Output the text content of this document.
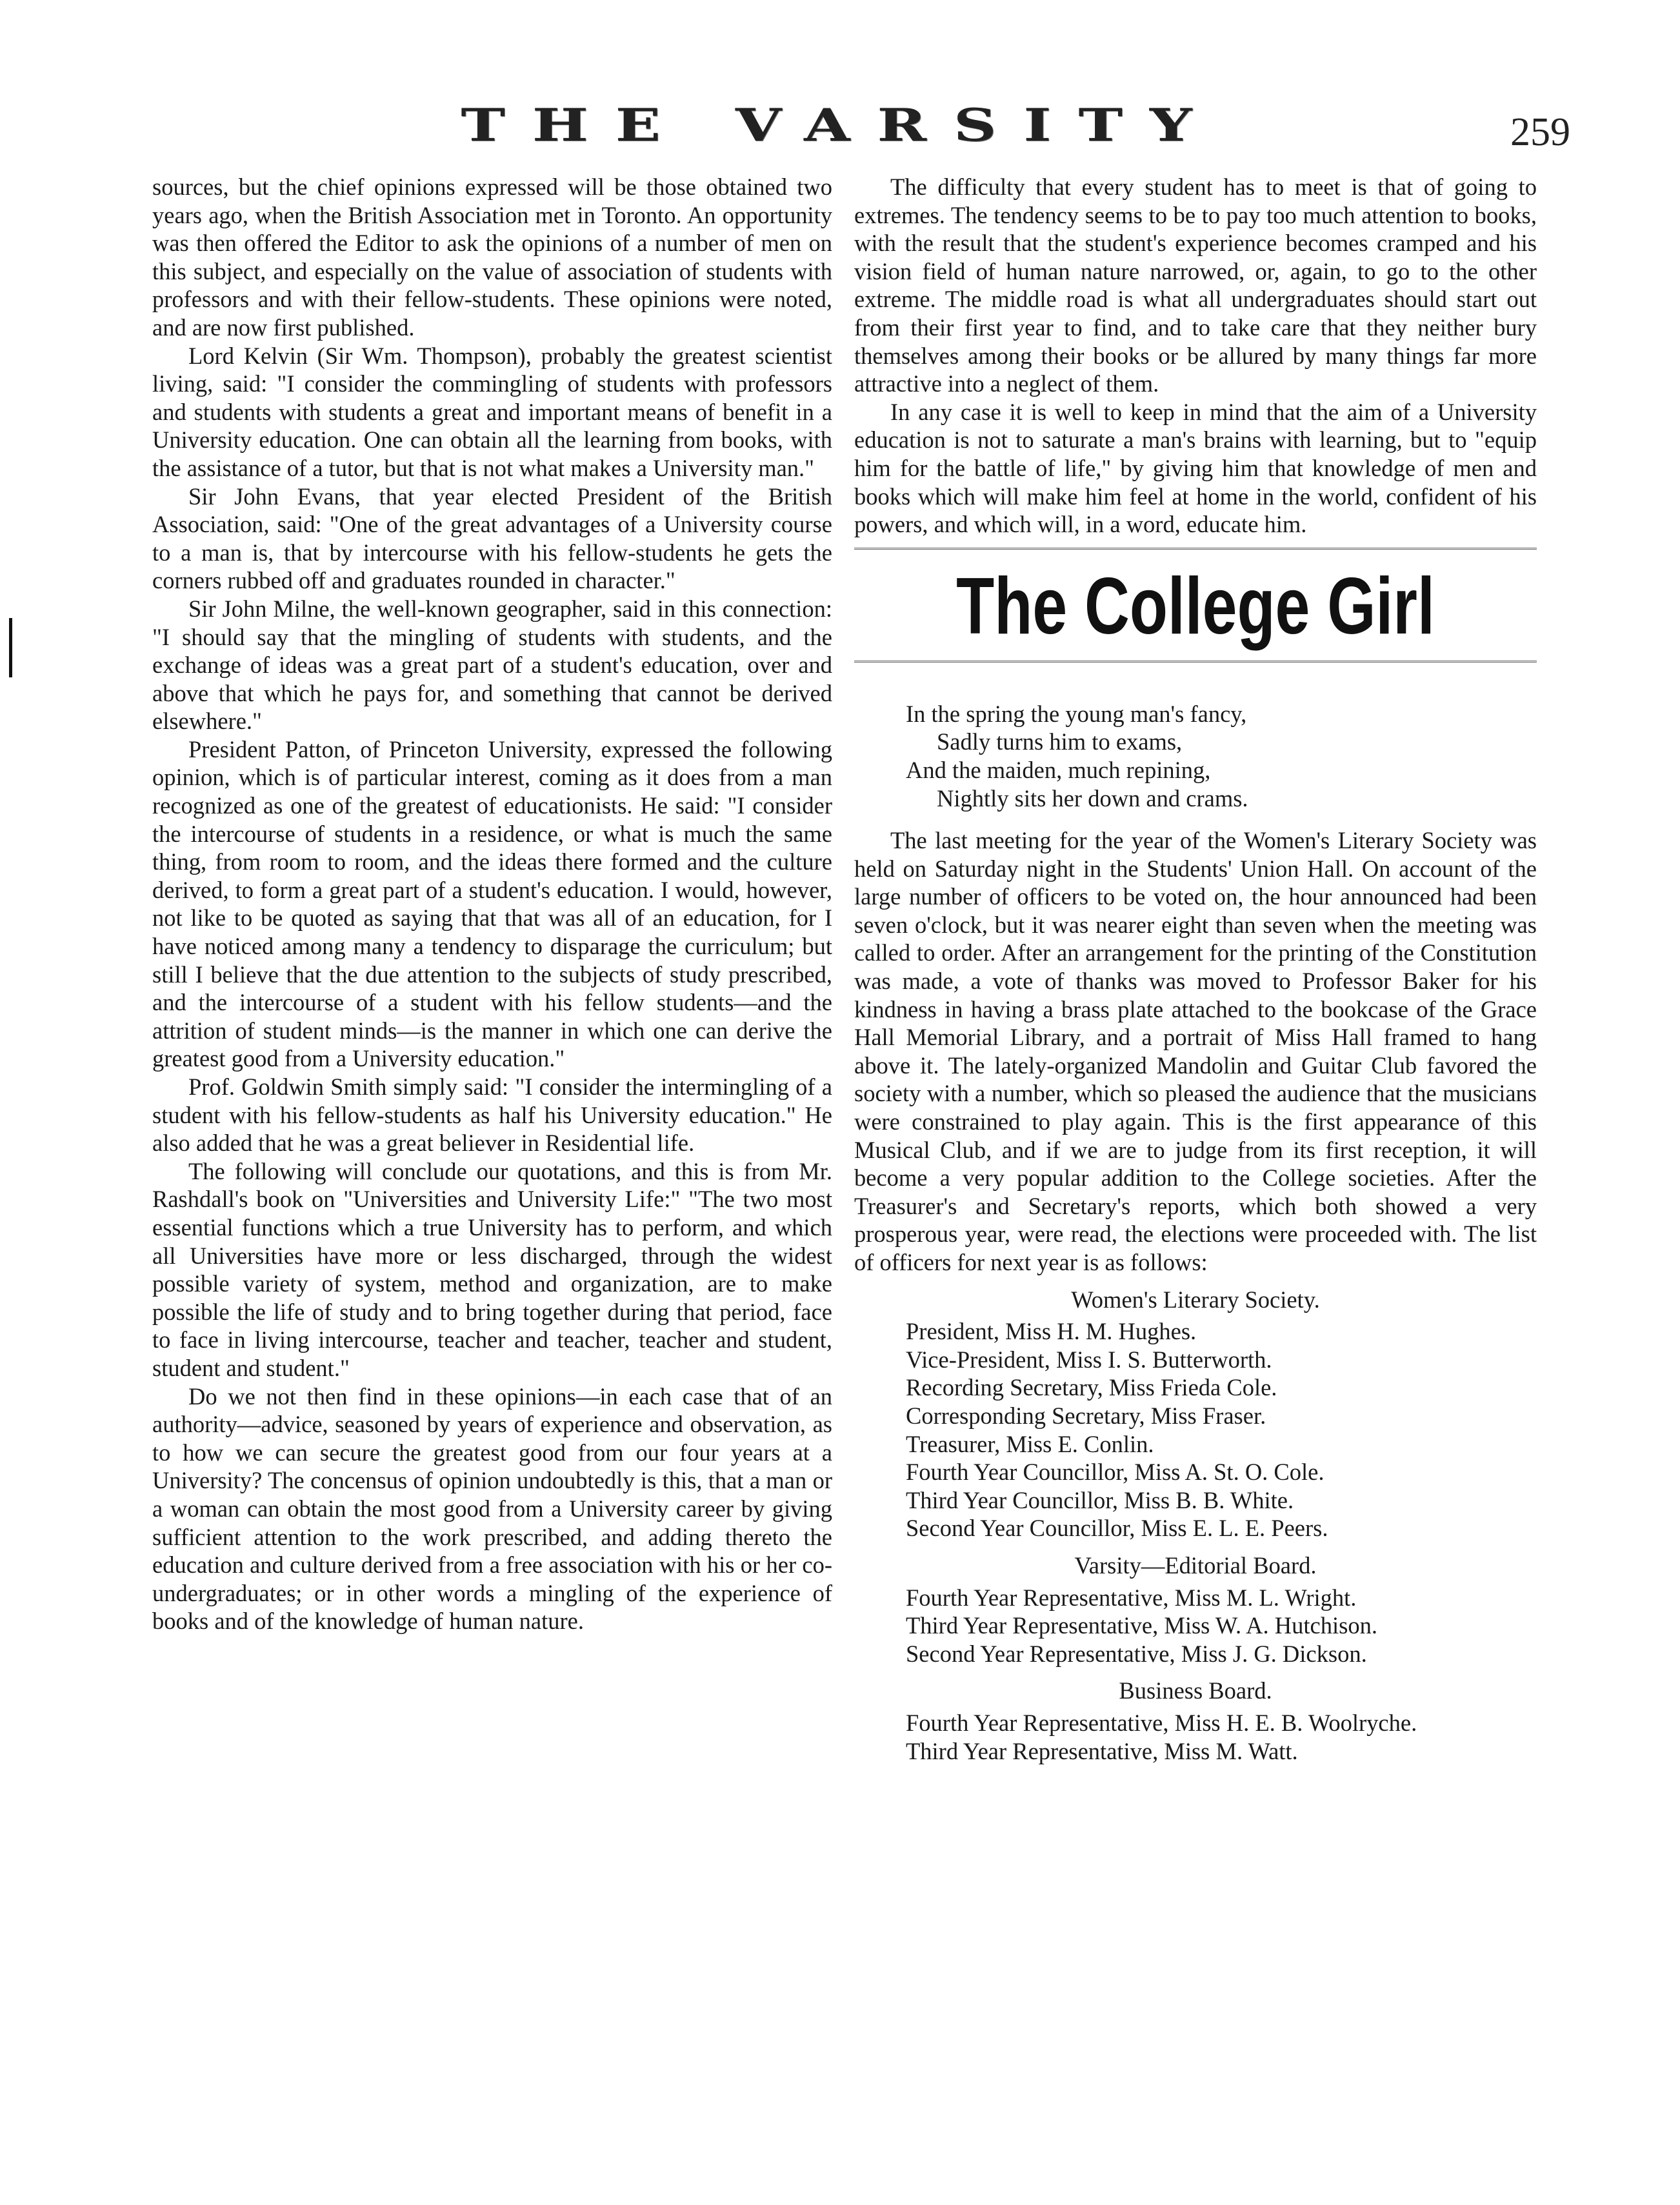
THE VARSITY	259

sources, but the chief opinions expressed will be those obtained two years ago, when the British Association met in Toronto. An opportunity was then offered the Editor to ask the opinions of a number of men on this subject, and especially on the value of association of students with professors and with their fellow-students. These opinions were noted, and are now first published.

Lord Kelvin (Sir Wm. Thompson), probably the greatest scientist living, said: "I consider the commingling of students with professors and students with students a great and important means of benefit in a University education. One can obtain all the learning from books, with the assistance of a tutor, but that is not what makes a University man."

Sir John Evans, that year elected President of the British Association, said: "One of the great advantages of a University course to a man is, that by intercourse with his fellow-students he gets the corners rubbed off and graduates rounded in character."

Sir John Milne, the well-known geographer, said in this connection: "I should say that the mingling of students with students, and the exchange of ideas was a great part of a student's education, over and above that which he pays for, and something that cannot be derived elsewhere."

President Patton, of Princeton University, expressed the following opinion, which is of particular interest, coming as it does from a man recognized as one of the greatest of educationists. He said: "I consider the intercourse of students in a residence, or what is much the same thing, from room to room, and the ideas there formed and the culture derived, to form a great part of a student's education. I would, however, not like to be quoted as saying that that was all of an education, for I have noticed among many a tendency to disparage the curriculum; but still I believe that the due attention to the subjects of study prescribed, and the intercourse of a student with his fellow students—and the attrition of student minds—is the manner in which one can derive the greatest good from a University education."

Prof. Goldwin Smith simply said: "I consider the intermingling of a student with his fellow-students as half his University education." He also added that he was a great believer in Residential life.

The following will conclude our quotations, and this is from Mr. Rashdall's book on "Universities and University Life:" "The two most essential functions which a true University has to perform, and which all Universities have more or less discharged, through the widest possible variety of system, method and organization, are to make possible the life of study and to bring together during that period, face to face in living intercourse, teacher and teacher, teacher and student, student and student."

Do we not then find in these opinions—in each case that of an authority—advice, seasoned by years of experience and observation, as to how we can secure the greatest good from our four years at a University? The concensus of opinion undoubtedly is this, that a man or a woman can obtain the most good from a University career by giving sufficient attention to the work prescribed, and adding thereto the education and culture derived from a free association with his or her co-undergraduates; or in other words a mingling of the experience of books and of the knowledge of human nature.

The difficulty that every student has to meet is that of going to extremes. The tendency seems to be to pay too much attention to books, with the result that the student's experience becomes cramped and his vision field of human nature narrowed, or, again, to go to the other extreme. The middle road is what all undergraduates should start out from their first year to find, and to take care that they neither bury themselves among their books or be allured by many things far more attractive into a neglect of them.

In any case it is well to keep in mind that the aim of a University education is not to saturate a man's brains with learning, but to "equip him for the battle of life," by giving him that knowledge of men and books which will make him feel at home in the world, confident of his powers, and which will, in a word, educate him.

The College Girl
In the spring the young man's fancy,
Sadly turns him to exams,
And the maiden, much repining,
Nightly sits her down and crams.

The last meeting for the year of the Women's Literary Society was held on Saturday night in the Students' Union Hall. On account of the large number of officers to be voted on, the hour announced had been seven o'clock, but it was nearer eight than seven when the meeting was called to order. After an arrangement for the printing of the Constitution was made, a vote of thanks was moved to Professor Baker for his kindness in having a brass plate attached to the bookcase of the Grace Hall Memorial Library, and a portrait of Miss Hall framed to hang above it. The lately-organized Mandolin and Guitar Club favored the society with a number, which so pleased the audience that the musicians were constrained to play again. This is the first appearance of this Musical Club, and if we are to judge from its first reception, it will become a very popular addition to the College societies. After the Treasurer's and Secretary's reports, which both showed a very prosperous year, were read, the elections were proceeded with. The list of officers for next year is as follows:

Women's Literary Society.
President, Miss H. M. Hughes.
Vice-President, Miss I. S. Butterworth.
Recording Secretary, Miss Frieda Cole.
Corresponding Secretary, Miss Fraser.
Treasurer, Miss E. Conlin.
Fourth Year Councillor, Miss A. St. O. Cole.
Third Year Councillor, Miss B. B. White.
Second Year Councillor, Miss E. L. E. Peers.
Varsity—Editorial Board.
Fourth Year Representative, Miss M. L. Wright.
Third Year Representative, Miss W. A. Hutchison.
Second Year Representative, Miss J. G. Dickson.
Business Board.
Fourth Year Representative, Miss H. E. B. Woolryche.
Third Year Representative, Miss M. Watt.
